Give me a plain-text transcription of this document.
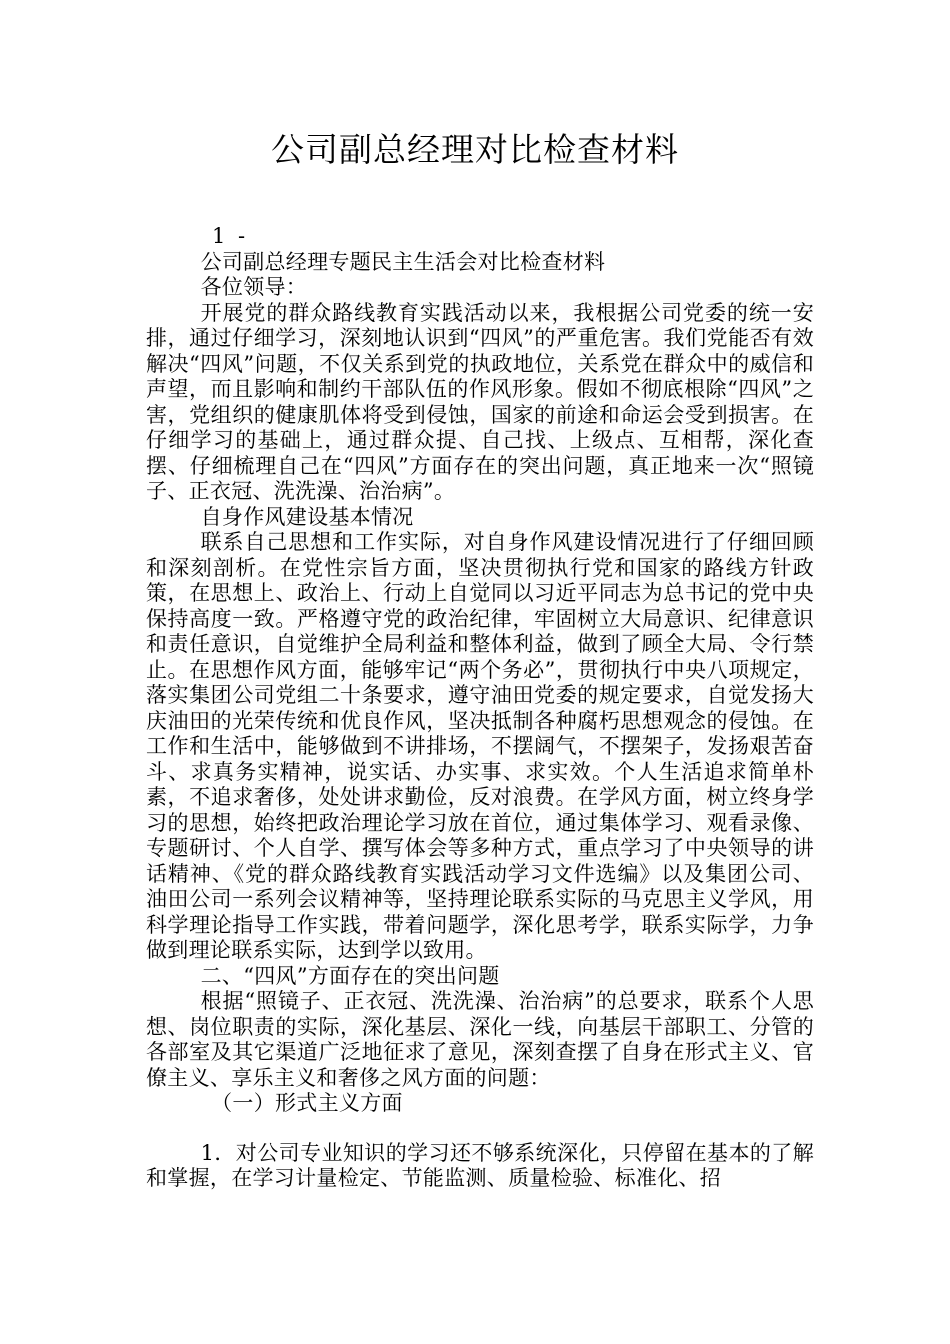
公司副总经理对比检查材料

1 -

公司副总经理专题民主生活会对比检查材料

各位领导：

开展党的群众路线教育实践活动以来，我根据公司党委的统一安排，通过仔细学习，深刻地认识到“四风”的严重危害。我们党能否有效解决“四风”问题，不仅关系到党的执政地位，关系党在群众中的威信和声望，而且影响和制约干部队伍的作风形象。假如不彻底根除“四风”之害，党组织的健康肌体将受到侵蚀，国家的前途和命运会受到损害。在仔细学习的基础上，通过群众提、自己找、上级点、互相帮，深化查摆、仔细梳理自己在“四风”方面存在的突出问题，真正地来一次“照镜子、正衣冠、洗洗澡、治治病”。

自身作风建设基本情况

联系自己思想和工作实际，对自身作风建设情况进行了仔细回顾和深刻剖析。在党性宗旨方面，坚决贯彻执行党和国家的路线方针政策，在思想上、政治上、行动上自觉同以习近平同志为总书记的党中央保持高度一致。严格遵守党的政治纪律，牢固树立大局意识、纪律意识和责任意识，自觉维护全局利益和整体利益，做到了顾全大局、令行禁止。在思想作风方面，能够牢记“两个务必”，贯彻执行中央八项规定，落实集团公司党组二十条要求，遵守油田党委的规定要求，自觉发扬大庆油田的光荣传统和优良作风，坚决抵制各种腐朽思想观念的侵蚀。在工作和生活中，能够做到不讲排场，不摆阔气，不摆架子，发扬艰苦奋斗、求真务实精神，说实话、办实事、求实效。个人生活追求简单朴素，不追求奢侈，处处讲求勤俭，反对浪费。在学风方面，树立终身学习的思想，始终把政治理论学习放在首位，通过集体学习、观看录像、专题研讨、个人自学、撰写体会等多种方式，重点学习了中央领导的讲话精神、《党的群众路线教育实践活动学习文件选编》以及集团公司、油田公司一系列会议精神等，坚持理论联系实际的马克思主义学风，用科学理论指导工作实践，带着问题学，深化思考学，联系实际学，力争做到理论联系实际，达到学以致用。

二、“四风”方面存在的突出问题

根据“照镜子、正衣冠、洗洗澡、治治病”的总要求，联系个人思想、岗位职责的实际，深化基层、深化一线，向基层干部职工、分管的各部室及其它渠道广泛地征求了意见，深刻查摆了自身在形式主义、官僚主义、享乐主义和奢侈之风方面的问题：

（一）形式主义方面

1．对公司专业知识的学习还不够系统深化，只停留在基本的了解和掌握，在学习计量检定、节能监测、质量检验、标准化、招
